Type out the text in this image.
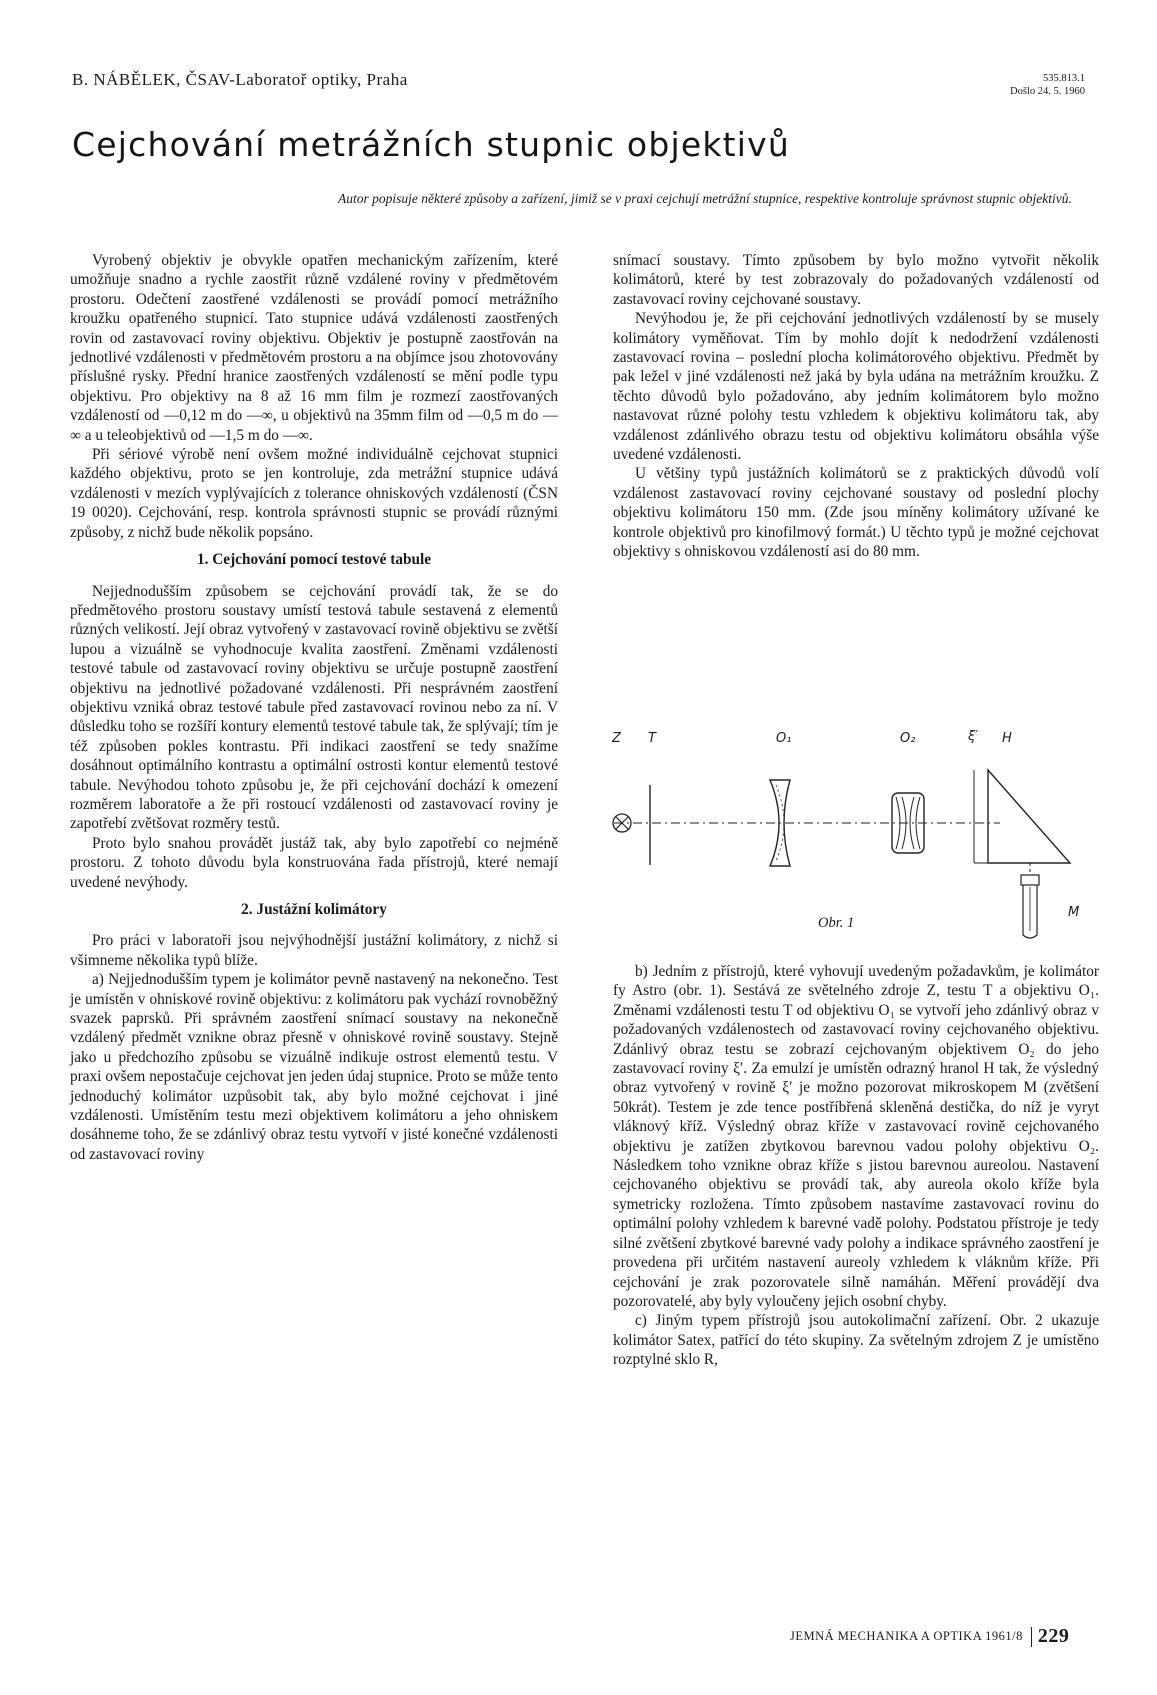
B. NÁBĚLEK, ČSAV-Laboratoř optiky, Praha	535.813.1
Došlo 24. 5. 1960
Cejchování metrážních stupnic objektivů
Autor popisuje některé způsoby a zařízení, jimiž se v praxi cejchují metrážní stupnice, respektive kontroluje správnost stupnic objektivů.

Vyrobený objektiv je obvykle opatřen mechanickým zařízením, které umožňuje snadno a rychle zaostřit různě vzdálené roviny v předmětovém prostoru. Odečtení zaostřené vzdálenosti se provádí pomocí metrážního kroužku opatřeného stupnicí. Tato stupnice udává vzdálenosti zaostřených rovin od zastavovací roviny objektivu. Objektiv je postupně zaostřován na jednotlivé vzdálenosti v předmětovém prostoru a na objímce jsou zhotovovány příslušné rysky. Přední hranice zaostřených vzdáleností se mění podle typu objektivu. Pro objektivy na 8 až 16 mm film je rozmezí zaostřovaných vzdáleností od —0,12 m do —∞, u objektivů na 35mm film od —0,5 m do —∞ a u teleobjektivů od —1,5 m do —∞.

Při sériové výrobě není ovšem možné individuálně cejchovat stupnici každého objektivu, proto se jen kontroluje, zda metrážní stupnice udává vzdálenosti v mezích vyplývajících z tolerance ohniskových vzdáleností (ČSN 19 0020). Cejchování, resp. kontrola správnosti stupnic se provádí různými způsoby, z nichž bude několik popsáno.

1. Cejchování pomocí testové tabule

Nejjednodušším způsobem se cejchování provádí tak, že se do předmětového prostoru soustavy umístí testová tabule sestavená z elementů různých velikostí. Její obraz vytvořený v zastavovací rovině objektivu se zvětší lupou a vizuálně se vyhodnocuje kvalita zaostření. Změnami vzdálenosti testové tabule od zastavovací roviny objektivu se určuje postupně zaostření objektivu na jednotlivé požadované vzdálenosti. Při nesprávném zaostření objektivu vzniká obraz testové tabule před zastavovací rovinou nebo za ní. V důsledku toho se rozšíří kontury elementů testové tabule tak, že splývají; tím je též způsoben pokles kontrastu. Při indikaci zaostření se tedy snažíme dosáhnout optimálního kontrastu a optimální ostrosti kontur elementů testové tabule. Nevýhodou tohoto způsobu je, že při cejchování dochází k omezení rozměrem laboratoře a že při rostoucí vzdálenosti od zastavovací roviny je zapotřebí zvětšovat rozměry testů.

Proto bylo snahou provádět justáž tak, aby bylo zapotřebí co nejméně prostoru. Z tohoto důvodu byla konstruována řada přístrojů, které nemají uvedené nevýhody.

2. Justážní kolimátory

Pro práci v laboratoři jsou nejvýhodnější justážní kolimátory, z nichž si všimneme několika typů blíže.

a) Nejjednodušším typem je kolimátor pevně nastavený na nekonečno. Test je umístěn v ohniskové rovině objektivu: z kolimátoru pak vychází rovnoběžný svazek paprsků. Při správném zaostření snímací soustavy na nekonečně vzdálený předmět vznikne obraz přesně v ohniskové rovině soustavy. Stejně jako u předchozího způsobu se vizuálně indikuje ostrost elementů testu. V praxi ovšem nepostačuje cejchovat jen jeden údaj stupnice. Proto se může tento jednoduchý kolimátor uzpůsobit tak, aby bylo možné cejchovat i jiné vzdálenosti. Umístěním testu mezi objektivem kolimátoru a jeho ohniskem dosáhneme toho, že se zdánlivý obraz testu vytvoří v jisté konečné vzdálenosti od zastavovací roviny

snímací soustavy. Tímto způsobem by bylo možno vytvořit několik kolimátorů, které by test zobrazovaly do požadovaných vzdáleností od zastavovací roviny cejchované soustavy.

Nevýhodou je, že při cejchování jednotlivých vzdáleností by se musely kolimátory vyměňovat. Tím by mohlo dojít k nedodržení vzdálenosti zastavovací rovina – poslední plocha kolimátorového objektivu. Předmět by pak ležel v jiné vzdálenosti než jaká by byla udána na metrážním kroužku. Z těchto důvodů bylo požadováno, aby jedním kolimátorem bylo možno nastavovat různé polohy testu vzhledem k objektivu kolimátoru tak, aby vzdálenost zdánlivého obrazu testu od objektivu kolimátoru obsáhla výše uvedené vzdálenosti.

U většiny typů justážních kolimátorů se z praktických důvodů volí vzdálenost zastavovací roviny cejchované soustavy od poslední plochy objektivu kolimátoru 150 mm. (Zde jsou míněny kolimátory užívané ke kontrole objektivů pro kinofilmový formát.) U těchto typů je možné cejchovat objektivy s ohniskovou vzdáleností asi do 80 mm.

Z T	O₁	O₂	ξ′ H
M
Obr. 1

b) Jedním z přístrojů, které vyhovují uvedeným požadavkům, je kolimátor fy Astro (obr. 1). Sestává ze světelného zdroje Z, testu T a objektivu O₁. Změnami vzdálenosti testu T od objektivu O₁ se vytvoří jeho zdánlivý obraz v požadovaných vzdálenostech od zastavovací roviny cejchovaného objektivu. Zdánlivý obraz testu se zobrazí cejchovaným objektivem O₂ do jeho zastavovací roviny ξ′. Za emulzí je umístěn odrazný hranol H tak, že výsledný obraz vytvořený v rovině ξ′ je možno pozorovat mikroskopem M (zvětšení 50krát). Testem je zde tence postříbřená skleněná destička, do níž je vyryt vláknový kříž. Výsledný obraz kříže v zastavovací rovině cejchovaného objektivu je zatížen zbytkovou barevnou vadou polohy objektivu O₂. Následkem toho vznikne obraz kříže s jistou barevnou aureolou. Nastavení cejchovaného objektivu se provádí tak, aby aureola okolo kříže byla symetricky rozložena. Tímto způsobem nastavíme zastavovací rovinu do optimální polohy vzhledem k barevné vadě polohy. Podstatou přístroje je tedy silné zvětšení zbytkové barevné vady polohy a indikace správného zaostření je provedena při určitém nastavení aureoly vzhledem k vláknům kříže. Při cejchování je zrak pozorovatele silně namáhán. Měření provádějí dva pozorovatelé, aby byly vyloučeny jejich osobní chyby.

c) Jiným typem přístrojů jsou autokolimační zařízení. Obr. 2 ukazuje kolimátor Satex, patřící do této skupiny. Za světelným zdrojem Z je umístěno rozptylné sklo R,

JEMNÁ MECHANIKA A OPTIKA 1961/8 229
